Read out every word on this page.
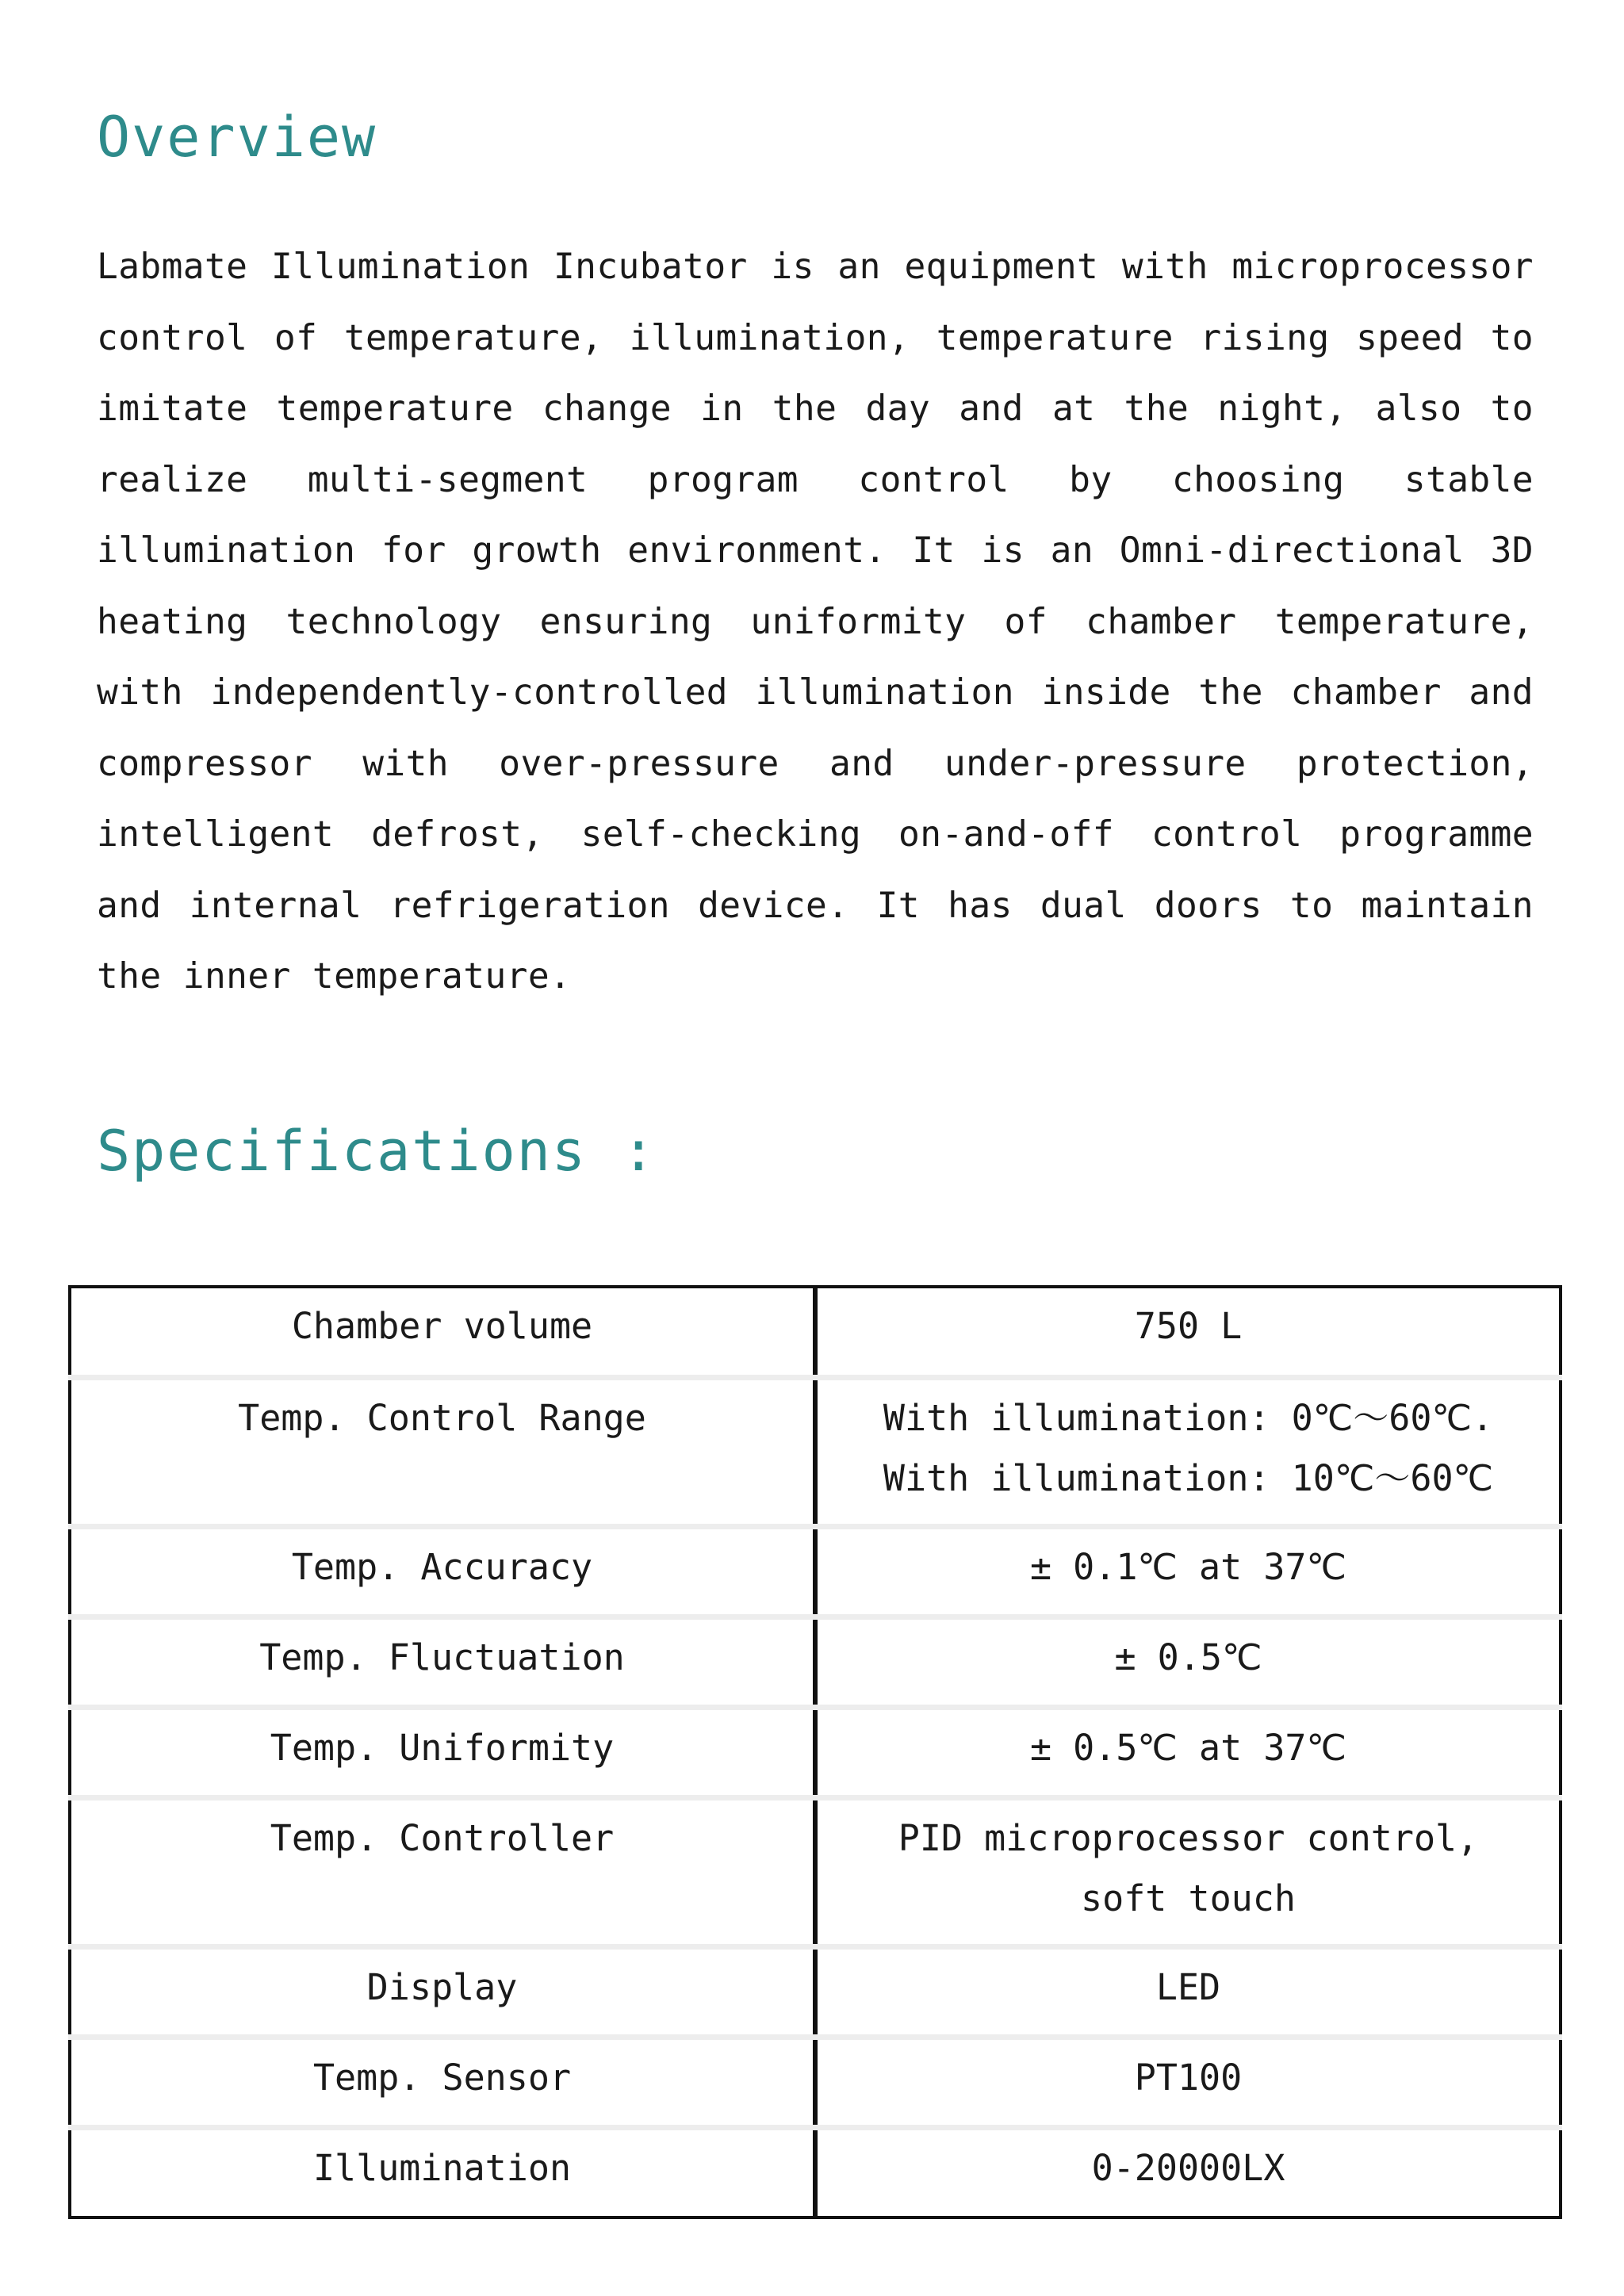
Overview

Labmate Illumination Incubator is an equipment with microprocessor control of temperature, illumination, temperature rising speed to imitate temperature change in the day and at the night, also to realize multi-segment program control by choosing stable illumination for growth environment. It is an Omni-directional 3D heating technology ensuring uniformity of chamber temperature, with independently-controlled illumination inside the chamber and compressor with over-pressure and under-pressure protection, intelligent defrost, self-checking on-and-off control programme and internal refrigeration device. It has dual doors to maintain the inner temperature.

Specifications :
Chamber volume	750 L
Temp. Control Range	With illumination: 0℃～60℃. With illumination: 10℃～60℃
Temp. Accuracy	± 0.1℃ at 37℃
Temp. Fluctuation	± 0.5℃
Temp. Uniformity	± 0.5℃ at 37℃
Temp. Controller	PID microprocessor control, soft touch
Display	LED
Temp. Sensor	PT100
Illumination	0-20000LX
